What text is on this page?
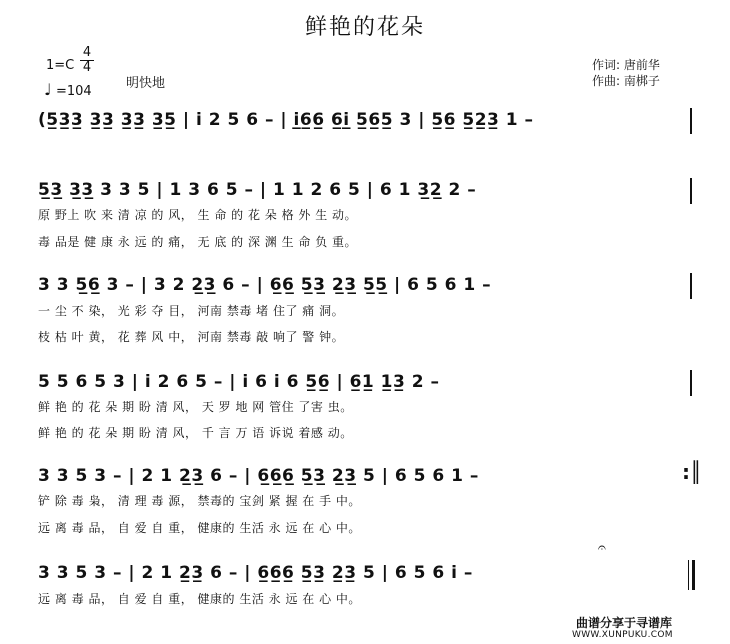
鲜艳的花朵
$1=C \frac{4}{4}$
♩ =104
明快地
作词: 唐前华
作曲: 南梆子
(5̲3̲3̲ 3̲3̲ 3̲3̲ 3̲5̲ | i 2 5 6 – | i̲6̲6̲ 6̲i̲ 5̲6̲5̲ 3 | 5̲6̲ 5̲2̲3̲ 1 –
5̲3̲ 3̲3̲ 3 3 5 | 1 3 6 5 – | 1 1 2 6 5 | 6 1 3̲2̲ 2 –
原 野上 吹 来 清 凉 的 风， 生 命 的 花 朵 格 外 生 动。
毒 品是 健 康 永 远 的 痛， 无 底 的 深 渊 生 命 负 重。
3 3 5̲6̲ 3 – | 3 2 2̲3̲ 6 – | 6̲6̲ 5̲3̲ 2̲3̲ 5̲5̲ | 6 5 6 1 –
一 尘 不 染， 光 彩 夺 目， 河南 禁毒 堵 住了 痛 洞。
枝 枯 叶 黄， 花 葬 风 中， 河南 禁毒 敲 响了 警 钟。
5 5 6 5 3 | i 2 6 5 – | i 6 i 6 5̲6̲ | 6̲1̲ 1̲3̲ 2 –
鲜 艳 的 花 朵 期 盼 清 风， 天 罗 地 网 管住 了害 虫。
鲜 艳 的 花 朵 期 盼 清 风， 千 言 万 语 诉说 着感 动。
3 3 5 3 – | 2 1 2̲3̲ 6 – | 6̲6̲6̲ 5̲3̲ 2̲3̲ 5 | 6 5 6 1 –
铲 除 毒 枭， 清 理 毒 源， 禁毒的 宝剑 紧 握 在 手 中。
远 离 毒 品， 自 爱 自 重， 健康的 生活 永 远 在 心 中。
3 3 5 3 – | 2 1 2̲3̲ 6 – | 6̲6̲6̲ 5̲3̲ 2̲3̲ 5 | 6 5 6 i –
远 离 毒 品， 自 爱 自 重， 健康的 生活 永 远 在 心 中。
:║
𝄐
曲谱分享于寻谱库
WWW.XUNPUKU.COM
